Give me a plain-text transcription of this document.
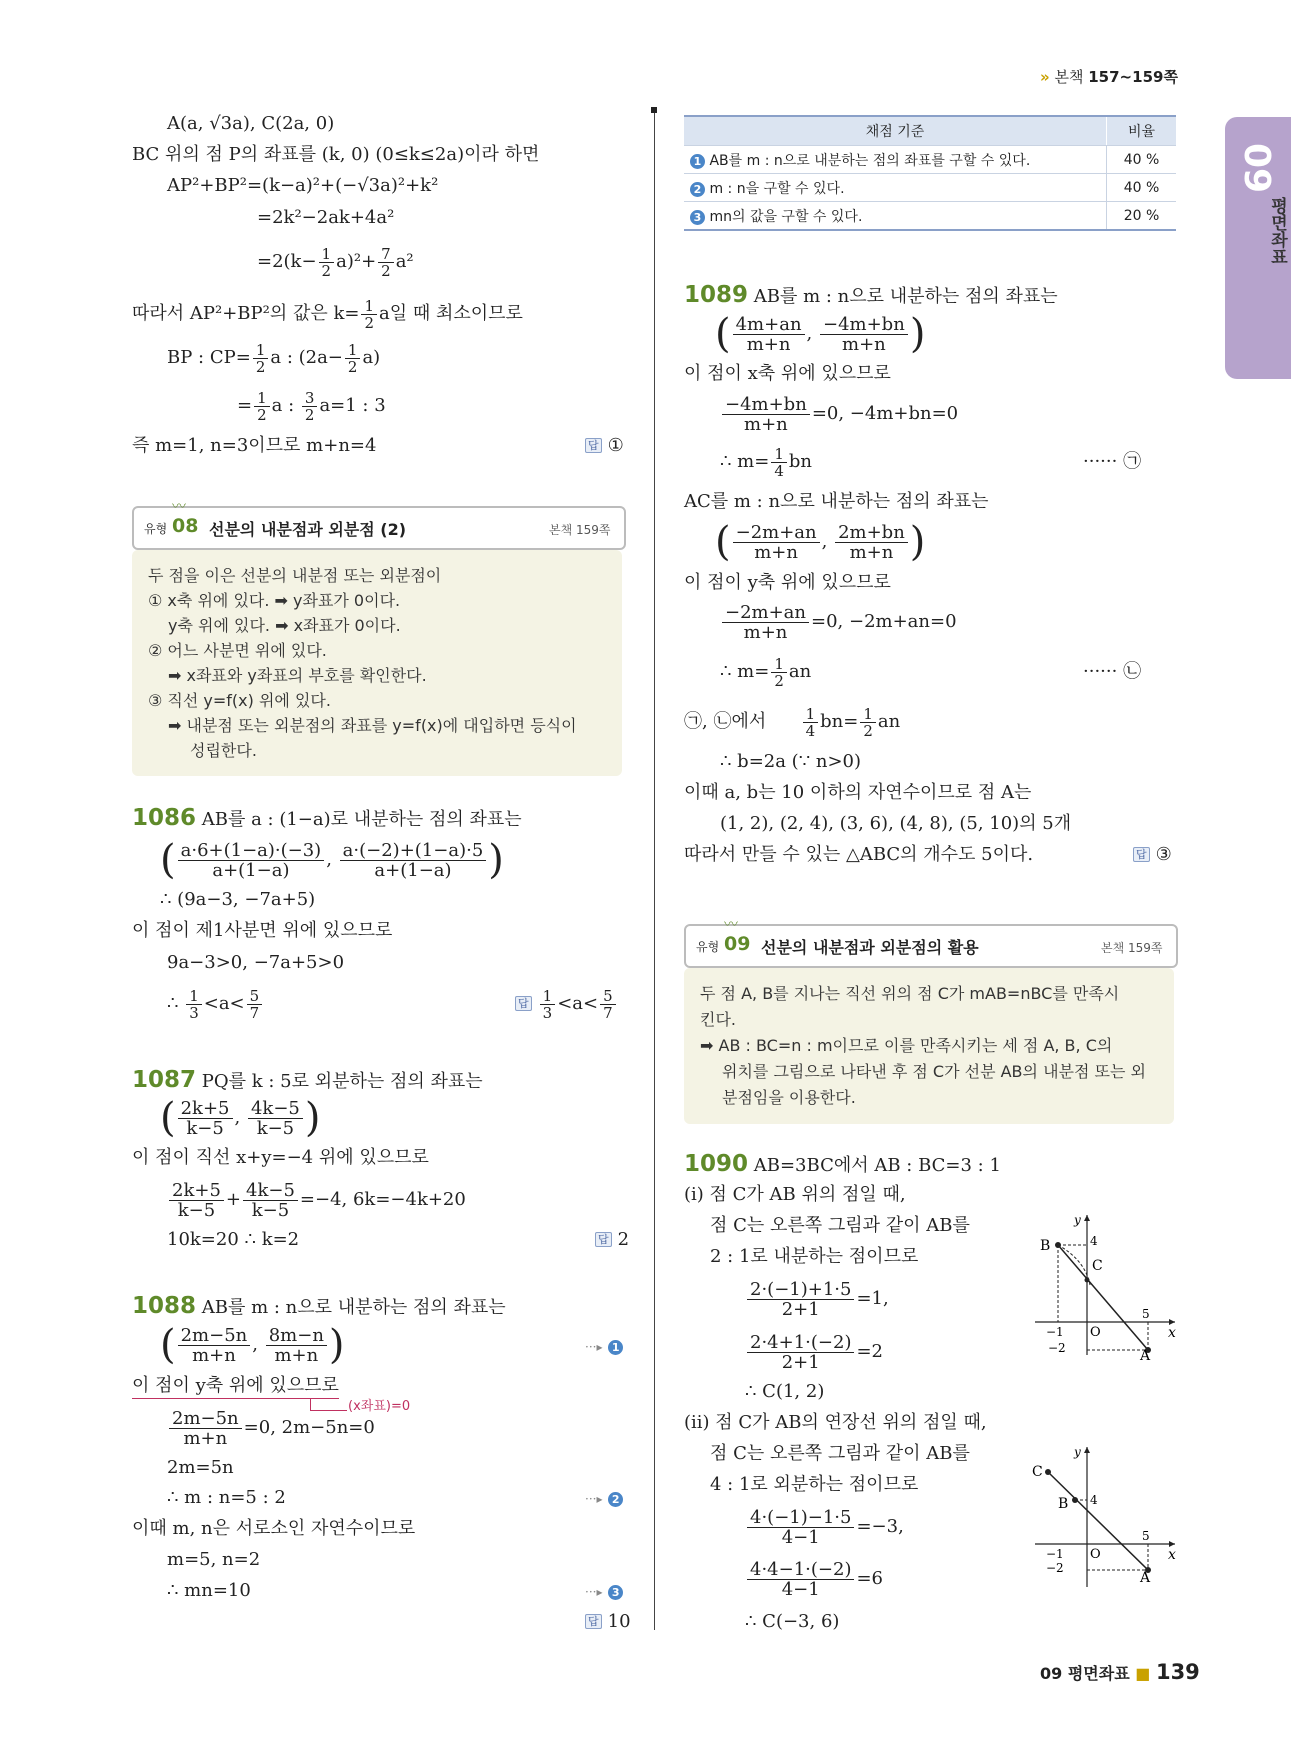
» 본책 157~159쪽
09
평면좌표
A(a, √3a), C(2a, 0)
BC 위의 점 P의 좌표를 (k, 0) (0≤k≤2a)이라 하면
AP²+BP²=(k−a)²+(−√3a)²+k²
=2k²−2ak+4a²
$=2(k- \frac{1}{2} a)^2+ \frac{7}{2} a^2$
따라서 AP²+BP²의 값은 $k= \frac{1}{2}$ a일 때 최소이므로
BP : $CP= \frac{1}{2}$ a : $(2a- \frac{1}{2} a)$
= $\frac{1}{2}$ a : $\frac{3}{2} a=1$ : 3
즉 m=1, n=3이므로 m+n=4	답 ①
〰
유형 08 선분의 내분점과 외분점 (2)	본책 159쪽
두 점을 이은 선분의 내분점 또는 외분점이
① x축 위에 있다. ➡ y좌표가 0이다.
y축 위에 있다. ➡ x좌표가 0이다.
② 어느 사분면 위에 있다.
➡ x좌표와 y좌표의 부호를 확인한다.
③ 직선 y=f(x) 위에 있다.
➡ 내분점 또는 외분점의 좌표를 y=f(x)에 대입하면 등식이
성립한다.
1086 AB를 a : (1−a)로 내분하는 점의 좌표는
( $\frac{a\cdot 6+(1-a)\cdot(-3)}{a+(1-a)}$ , $\frac{a\cdot(-2)+(1-a)\cdot 5}{a+(1-a)}$ )
∴ (9a−3, −7a+5)
이 점이 제1사분면 위에 있으므로
9a−3>0, −7a+5>0
∴ $\frac{1}{3} <a< \frac{5}{7}$	답 $\frac{1}{3} <a< \frac{5}{7}$
1087 PQ를 k : 5로 외분하는 점의 좌표는
( $\frac{2k+5}{k-5}$ , $\frac{4k-5}{k-5}$ )
이 점이 직선 x+y=−4 위에 있으므로
$\frac{2k+5}{k-5} + \frac{4k-5}{k-5} =-4$, 6k=−4k+20
10k=20 ∴ k=2	답 2
1088 AB를 m : n으로 내분하는 점의 좌표는
( $\frac{2m-5n}{m+n}$ , $\frac{8m-n}{m+n}$ )	···▸ 1
이 점이 y축 위에 있으므로
(x좌표)=0
$\frac{2m-5n}{m+n} =0$, 2m−5n=0
2m=5n
∴ m : n=5 : 2	···▸ 2
이때 m, n은 서로소인 자연수이므로
m=5, n=2
∴ mn=10	···▸ 3
답 10
채점 기준	비율
1 AB를 m : n으로 내분하는 점의 좌표를 구할 수 있다.	40 %
2 m : n을 구할 수 있다.	40 %
3 mn의 값을 구할 수 있다.	20 %
1089 AB를 m : n으로 내분하는 점의 좌표는
( $\frac{4m+an}{m+n}$ , $\frac{-4m+bn}{m+n}$ )
이 점이 x축 위에 있으므로
$\frac{-4m+bn}{m+n} =0$, −4m+bn=0
∴ $m= \frac{1}{4}$ bn	······ ㉠
AC를 m : n으로 내분하는 점의 좌표는
( $\frac{-2m+an}{m+n}$ , $\frac{2m+bn}{m+n}$ )
이 점이 y축 위에 있으므로
$\frac{-2m+an}{m+n} =0$, −2m+an=0
∴ $m= \frac{1}{2}$ an	······ ㉡
㉠, ㉡에서 $\frac{1}{4} bn= \frac{1}{2}$ an
∴ b=2a (∵ n>0)
이때 a, b는 10 이하의 자연수이므로 점 A는
(1, 2), (2, 4), (3, 6), (4, 8), (5, 10)의 5개
따라서 만들 수 있는 △ABC의 개수도 5이다.	답 ③
〰
유형 09 선분의 내분점과 외분점의 활용	본책 159쪽
두 점 A, B를 지나는 직선 위의 점 C가 mAB=nBC를 만족시
킨다.
➡ AB : BC=n : m이므로 이를 만족시키는 세 점 A, B, C의
위치를 그림으로 나타낸 후 점 C가 선분 AB의 내분점 또는 외
분점임을 이용한다.
1090 AB=3BC에서 AB : BC=3 : 1
(ⅰ) 점 C가 AB 위의 점일 때,
점 C는 오른쪽 그림과 같이 AB를
2 : 1로 내분하는 점이므로
$\frac{2\cdot(-1)+1\cdot 5}{2+1} =1$,
$\frac{2\cdot 4+1\cdot(-2)}{2+1} =2$
∴ C(1, 2)
(ⅱ) 점 C가 AB의 연장선 위의 점일 때,
점 C는 오른쪽 그림과 같이 AB를
4 : 1로 외분하는 점이므로
$\frac{4\cdot(-1)-1\cdot 5}{4-1} =-3$,
$\frac{4\cdot 4-1\cdot(-2)}{4-1} =6$
∴ C(−3, 6)
B
C
A
4
5
−1 O
−2
x
y
C
B
A
4
5
−1 O
−2
x
y
09 평면좌표 ■ 139
